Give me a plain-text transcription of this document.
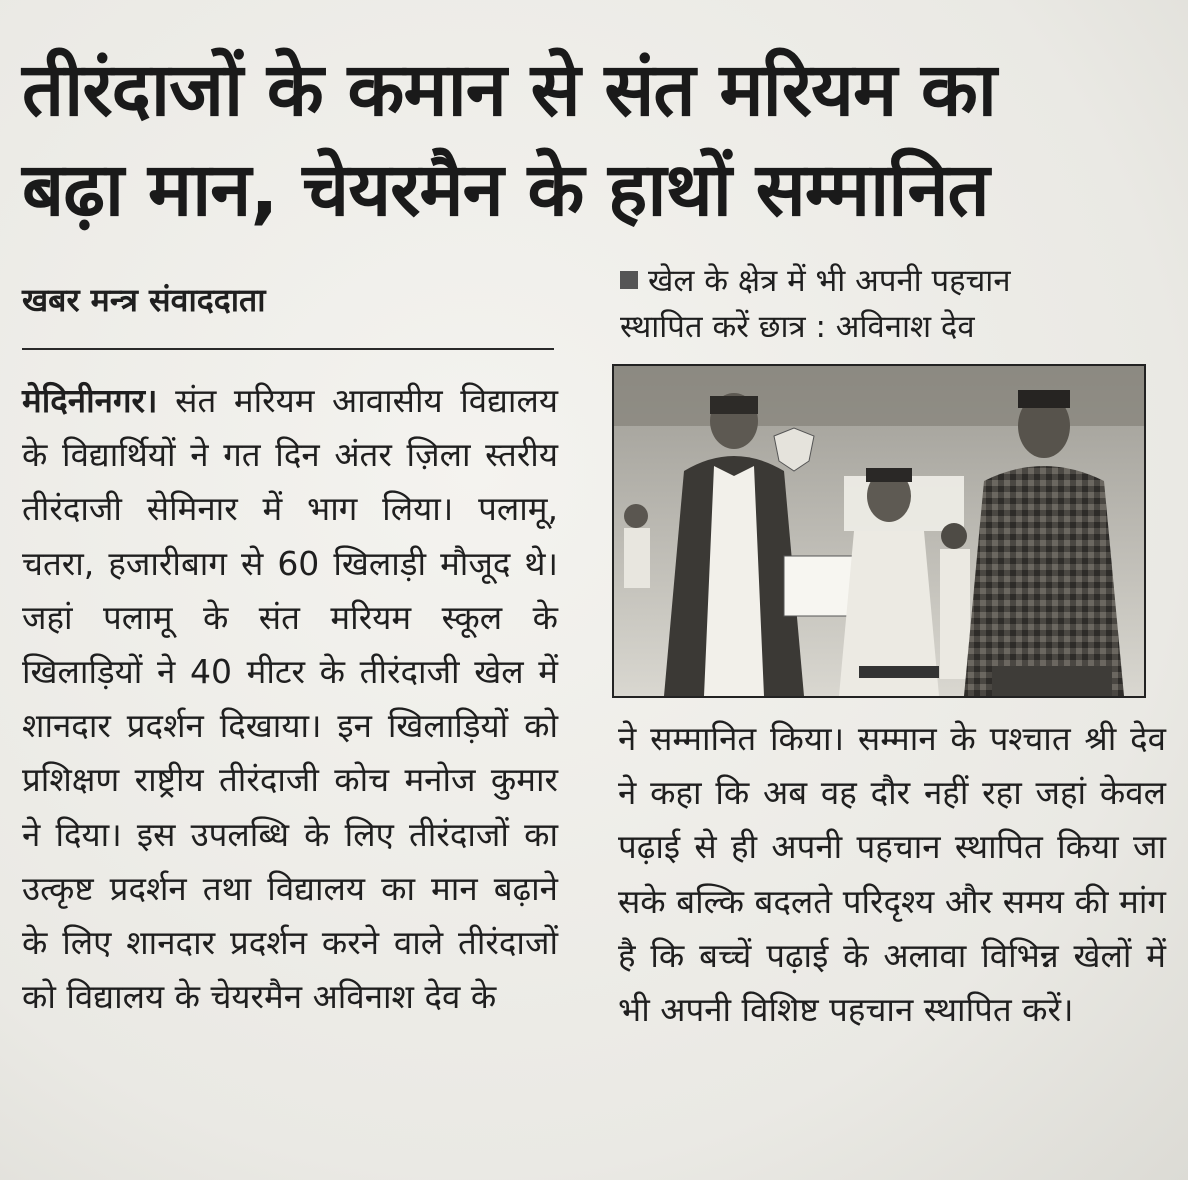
तीरंदाजों के कमान से संत मरियम का
बढ़ा मान, चेयरमैन के हाथों सम्मानित
खबर मन्त्र संवाददाता	खेल के क्षेत्र में भी अपनी पहचान
स्थापित करें छात्र : अविनाश देव
मेदिनीनगर। संत मरियम आवासीय विद्यालय के विद्यार्थियों ने गत दिन अंतर ज़िला स्तरीय तीरंदाजी सेमिनार में भाग लिया। पलामू, चतरा, हजारीबाग से 60 खिलाड़ी मौजूद थे। जहां पलामू के संत मरियम स्कूल के खिलाड़ियों ने 40 मीटर के तीरंदाजी खेल में शानदार प्रदर्शन दिखाया। इन खिलाड़ियों को प्रशिक्षण राष्ट्रीय तीरंदाजी कोच मनोज कुमार ने दिया। इस उपलब्धि के लिए तीरंदाजों का उत्कृष्ट प्रदर्शन तथा विद्यालय का मान बढ़ाने के लिए शानदार प्रदर्शन करने वाले तीरंदाजों को विद्यालय के चेयरमैन अविनाश देव के
ने सम्मानित किया। सम्मान के पश्चात श्री देव ने कहा कि अब वह दौर नहीं रहा जहां केवल पढ़ाई से ही अपनी पहचान स्थापित किया जा सके बल्कि बदलते परिदृश्य और समय की मांग है कि बच्चें पढ़ाई के अलावा विभिन्न खेलों में भी अपनी विशिष्ट पहचान स्थापित करें।
